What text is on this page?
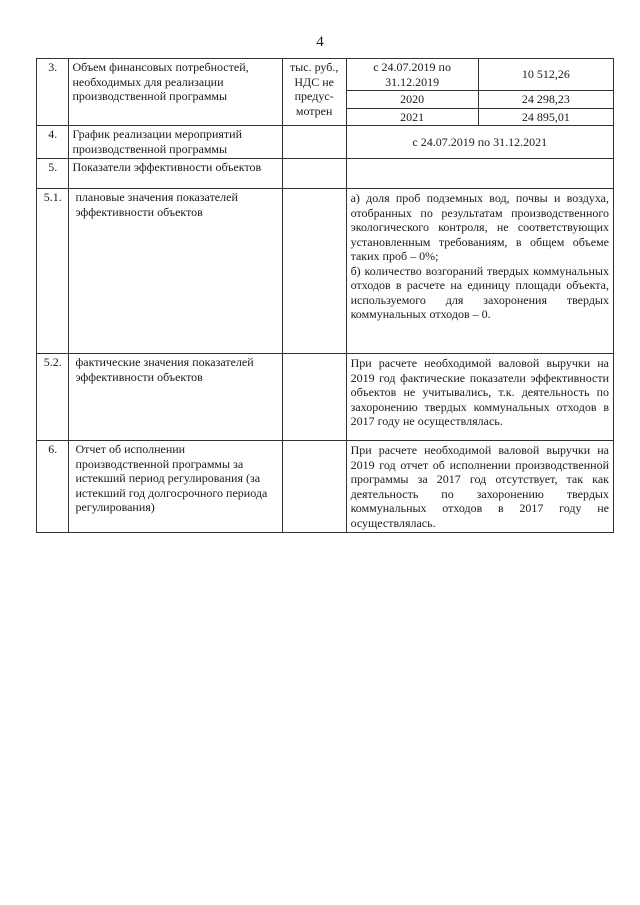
4
3.	Объем финансовых потребностей, необходимых для реализации производственной программы	тыс. руб., НДС не предус-мотрен	с 24.07.2019 по 31.12.2019	10 512,26
			2020	24 298,23
			2021	24 895,01
4.	График реализации мероприятий производственной программы		с 24.07.2019 по 31.12.2021	
5.	Показатели эффективности объектов			
5.1.	плановые значения показателей эффективности объектов		а) доля проб подземных вод, почвы и воздуха, отобранных по результатам производственного экологического контроля, не соответствующих установленным требованиям, в общем объеме таких проб – 0%;

б) количество возгораний твердых коммунальных отходов в расчете на единицу площади объекта, используемого для захоронения твердых коммунальных отходов – 0.	

5.2.	фактические значения показателей эффективности объектов		При расчете необходимой валовой выручки на 2019 год фактические показатели эффективности объектов не учитывались, т.к. деятельность по захоронению твердых коммунальных отходов в 2017 году не осуществлялась.	
6.	Отчет об исполнении производственной программы за истекший период регулирования (за истекший год долгосрочного периода регулирования)		При расчете необходимой валовой выручки на 2019 год отчет об исполнении производственной программы за 2017 год отсутствует, так как деятельность по захоронению твердых коммунальных отходов в 2017 году не осуществлялась.	
